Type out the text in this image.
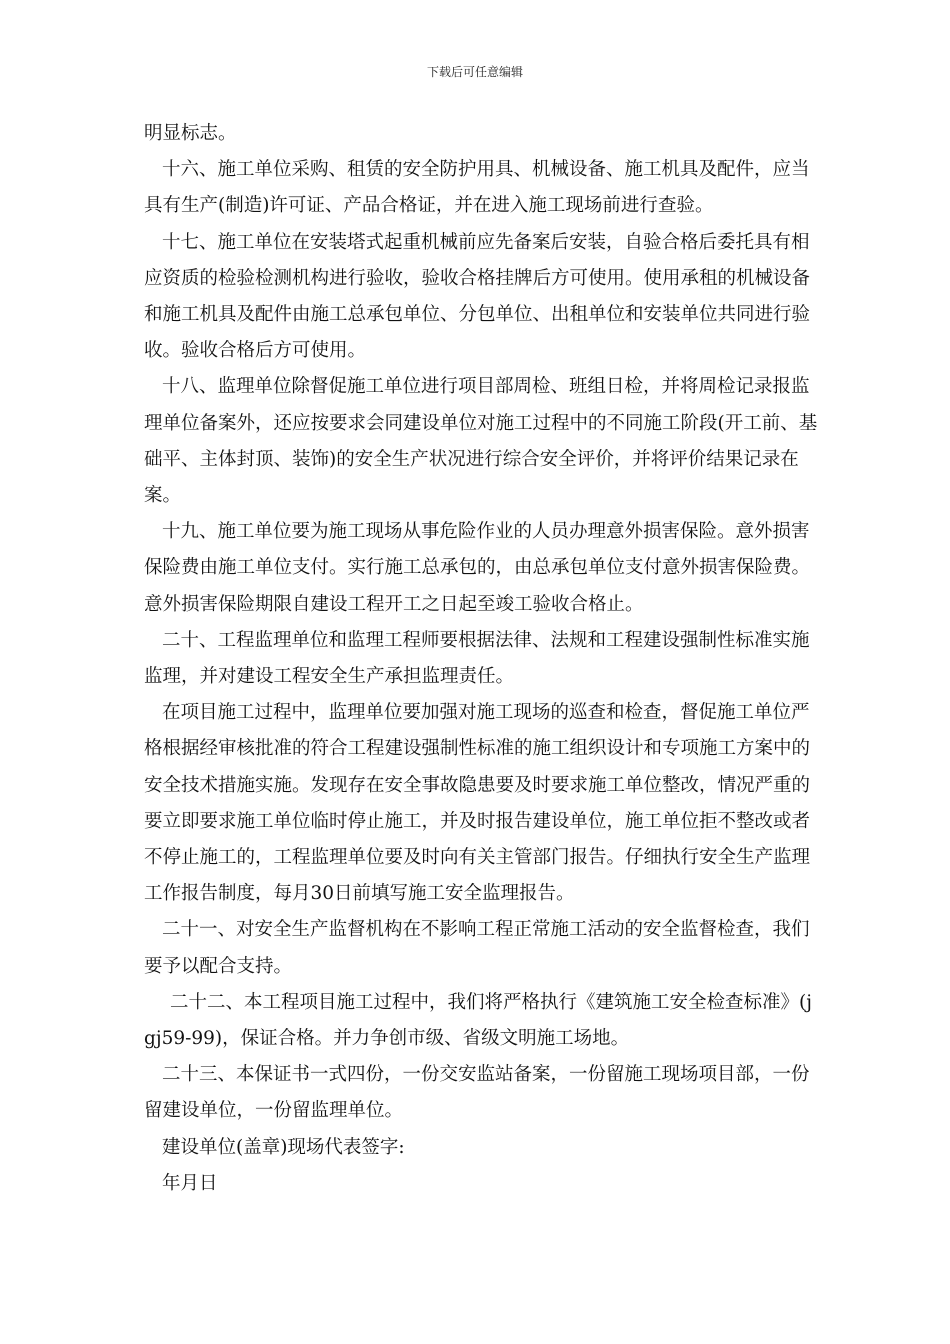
下载后可任意编辑

明显标志。

十六、施工单位采购、租赁的安全防护用具、机械设备、施工机具及配件，应当具有生产(制造)许可证、产品合格证，并在进入施工现场前进行查验。

十七、施工单位在安装塔式起重机械前应先备案后安装，自验合格后委托具有相应资质的检验检测机构进行验收，验收合格挂牌后方可使用。使用承租的机械设备和施工机具及配件由施工总承包单位、分包单位、出租单位和安装单位共同进行验收。验收合格后方可使用。

十八、监理单位除督促施工单位进行项目部周检、班组日检，并将周检记录报监理单位备案外，还应按要求会同建设单位对施工过程中的不同施工阶段(开工前、基础平、主体封顶、装饰)的安全生产状况进行综合安全评价，并将评价结果记录在案。

十九、施工单位要为施工现场从事危险作业的人员办理意外损害保险。意外损害保险费由施工单位支付。实行施工总承包的，由总承包单位支付意外损害保险费。意外损害保险期限自建设工程开工之日起至竣工验收合格止。

二十、工程监理单位和监理工程师要根据法律、法规和工程建设强制性标准实施监理，并对建设工程安全生产承担监理责任。

在项目施工过程中，监理单位要加强对施工现场的巡查和检查，督促施工单位严格根据经审核批准的符合工程建设强制性标准的施工组织设计和专项施工方案中的安全技术措施实施。发现存在安全事故隐患要及时要求施工单位整改，情况严重的要立即要求施工单位临时停止施工，并及时报告建设单位，施工单位拒不整改或者不停止施工的，工程监理单位要及时向有关主管部门报告。仔细执行安全生产监理工作报告制度，每月30日前填写施工安全监理报告。

二十一、对安全生产监督机构在不影响工程正常施工活动的安全监督检查，我们要予以配合支持。

二十二、本工程项目施工过程中，我们将严格执行《建筑施工安全检查标准》(jgj59-99)，保证合格。并力争创市级、省级文明施工场地。

二十三、本保证书一式四份，一份交安监站备案，一份留施工现场项目部，一份留建设单位，一份留监理单位。

建设单位(盖章)现场代表签字:

年月日
